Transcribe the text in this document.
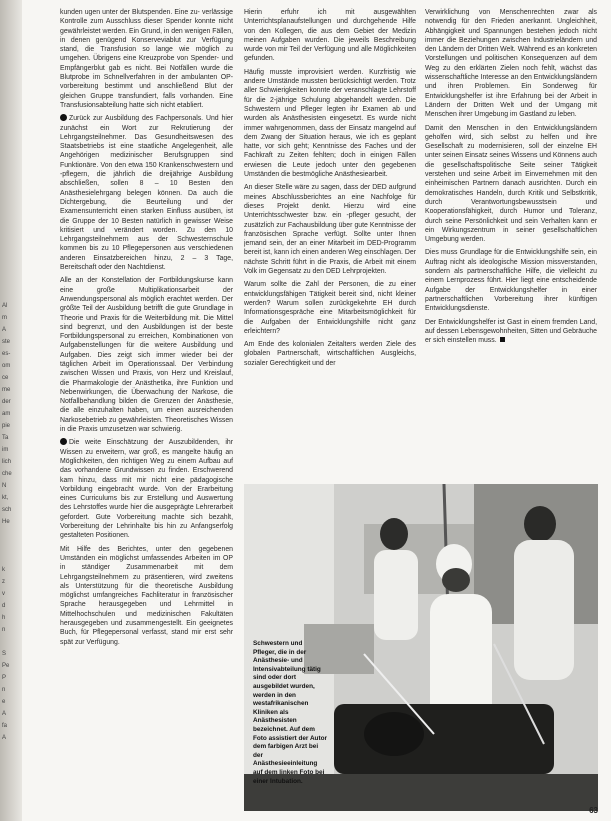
Al
m
A
ste
es-
om
ce
me
der
am
pie
Ta
im
lich
che
N
kt,
sch
He

k
z
v
d
h
n

S
Pe
P
n
e
A
fa
A

kunden ugen unter der Blutspenden. Eine zu- verlässige Kontrolle zum Ausschluss dieser Spender konnte nicht gewährleistet werden. Ein Grund, in den wenigen Fällen, in denen genügend Konserveviablut zur Verfügung stand, die Transfusion so lange wie möglich zu umgehen. Übrigens eine Kreuzprobe von Spender- und Empfängerblut gab es nicht. Bei Notfällen wurde die Blutprobe im Schnellverfahren in der ambulanten OP-vorbereitung bestimmt und anschließend Blut der gleichen Gruppe transfundiert, falls vorhanden. Eine Transfusionsabteilung hatte sich nicht etabliert.

Zurück zur Ausbildung des Fachpersonals. Und hier zunächst ein Wort zur Rekrutierung der Lehrgangsteilnehmer. Das Gesundheitswesen des Staatsbetriebs ist eine staatliche Angelegenheit, alle Angehörigen medizinischer Berufsgruppen sind Funktionäre. Von den etwa 150 Krankenschwestern und -pflegern, die jährlich die dreijährige Ausbildung abschließen, sollen 8 – 10 Besten den Anästhesielehrgang belegen können. Da auch die Dichtergebung, die Beurteilung und der Examensunterricht einen starken Einfluss ausüben, ist die Gruppe der 10 Besten natürlich in gewisser Weise kritisiert und verändert worden. Zu den 10 Lehrgangsteilnehmern aus der Schwesternschule kommen bis zu 10 Pflegepersonen aus verschiedenen anderen Einsatzbereichen hinzu, 2 – 3 Tage, Bereitschaft oder den Nachtdienst.

Alle an der Konstellation der Fortbildungskurse kann eine große Multiplikationsarbeit der Anwendungspersonal als möglich erachtet werden. Der größte Teil der Ausbildung betrifft die gute Grundlage in Theorie und Praxis für die Weiterbildung mit. Die Mittel sind begrenzt, und den Ausbildungen ist der beste Fortbildungspersonal zu erreichen, Kombinationen von Aufgabenstellungen für die weitere Ausbildung und Aufgaben. Dies zeigt sich immer wieder bei der täglichen Arbeit im Operationssaal. Der Verbindung zwischen Wissen und Praxis, von Herz und Kreislauf, die Pharmakologie der Anästhetika, ihre Funktion und Nebenwirkungen, die Überwachung der Narkose, die Notfallbehandlung bilden die Grenzen der Anästhesie, die alle einzuhalten haben, um einen ausreichenden Narkosebetrieb zu gewährleisten. Theoretisches Wissen in die Praxis umzusetzen war schwierig.

Die weite Einschätzung der Auszubildenden, ihr Wissen zu erweitern, war groß, es mangelte häufig an Möglichkeiten, den richtigen Weg zu einem Aufbau auf das vorhandene Grundwissen zu finden. Erschwerend kam hinzu, dass mit mir nicht eine pädagogische Vorbildung eingebracht wurde. Von der Erarbeitung eines Curriculums bis zur Erstellung und Auswertung des Lehrstoffes wurde hier die ausgeprägte Lehrerarbeit gefordert. Gute Vorbereitung machte sich bezahlt, Vorbereitung der Lehrinhalte bis hin zu Anfangserfolg gestalteten Positionen.

Mit Hilfe des Berichtes, unter den gegebenen Umständen ein möglichst umfassendes Arbeiten im OP in ständiger Zusammenarbeit mit dem Lehrgangsteilnehmern zu präsentieren, wird zweitens als Unterstützung für die theoretische Ausbildung möglichst umfangreiches Fachliteratur in französischer Sprache herausgegeben und Lehrmittel in Mittelhochschulen und medizinischen Fakultäten herausgegeben und zusammengestellt. Ein geeignetes Buch, für Pflegepersonal verfasst, stand mir erst sehr spät zur Verfügung.

Hierin erfuhr ich mit ausgewählten Unterrichtsplanaufstellungen und durchgehende Hilfe von den Kollegen, die aus dem Gebiet der Medizin meinen Aufgaben wurden. Die jeweils Beschreibung wurde von mir Teil der Verfügung und alle Möglichkeiten gefunden.

Häufig musste improvisiert werden. Kurzfristig wie andere Umstände mussten berücksichtigt werden. Trotz aller Schwierigkeiten konnte der veranschlagte Lehrstoff für die 2-jährige Schulung abgehandelt werden. Die Schwestern und Pfleger legten ihr Examen ab und wurden als Anästhesisten eingesetzt. Es wurde nicht immer wahrgenommen, dass der Einsatz mangelnd auf dem Zwang der Situation heraus, wie ich es geplant hatte, vor sich geht; Kenntnisse des Faches und der Fachkraft zu Zeiten fehlten; doch in einigen Fällen erwiesen die Leute jedoch unter den gegebenen Umständen die bestmögliche Anästhesiearbeit.

An dieser Stelle wäre zu sagen, dass der DED aufgrund meines Abschlussberichtes an eine Nachfolge für dieses Projekt denkt. Hierzu wird eine Unterrichtsschwester bzw. ein -pfleger gesucht, der zusätzlich zur Fachausbildung über gute Kenntnisse der französischen Sprache verfügt. Sollte unter Ihnen jemand sein, der an einer Mitarbeit im DED-Programm bereit ist, kann ich einen anderen Weg einschlagen. Der nächste Schritt führt in die Praxis, die Arbeit mit einem Volk im Gegensatz zu den DED Lehrprojekten.

Warum sollte die Zahl der Personen, die zu einer entwicklungsfähigen Tätigkeit bereit sind, nicht kleiner werden? Warum sollen zurückgekehrte EH durch Informationsgespräche eine Mitarbeitsmöglichkeit für die Aufgaben der Entwicklungshilfe nicht ganz erleichtern?

Am Ende des kolonialen Zeitalters werden Ziele des globalen Partnerschaft, wirtschaftlichen Ausgleichs, sozialer Gerechtigkeit und der

Verwirklichung von Menschenrechten zwar als notwendig für den Frieden anerkannt. Ungleichheit, Abhängigkeit und Spannungen bestehen jedoch nicht immer die Beziehungen zwischen Industrieländern und den Ländern der Dritten Welt. Während es an konkreten Vorstellungen und politischen Konsequenzen auf dem Weg zu den erklärten Zielen noch fehlt, wächst das wissenschaftliche Interesse an den Entwicklungsländern und ihren Problemen. Ein Sonderweg für Entwicklungshelfer ist ihre Erfahrung bei der Arbeit in Ländern der Dritten Welt und der Umgang mit Menschen ihrer Umgebung im Gastland zu leben.

Damit den Menschen in den Entwicklungsländern geholfen wird, sich selbst zu helfen und ihre Gesellschaft zu modernisieren, soll der einzelne EH unter seinen Einsatz seines Wissens und Könnens auch die gesellschaftspolitische Seite seiner Tätigkeit verstehen und seine Arbeit im Einvernehmen mit den einheimischen Partnern danach ausrichten. Durch ein demokratisches Handeln, durch Kritik und Selbstkritik, durch Verantwortungsbewusstsein und Kooperationsfähigkeit, durch Humor und Toleranz, durch seine Persönlichkeit und sein Verhalten kann er ein Wirkungszentrum in seiner gesellschaftlichen Umgebung werden.

Dies muss Grundlage für die Entwicklungshilfe sein, ein Auftrag nicht als ideologische Mission missverstanden, sondern als partnerschaftliche Hilfe, die vielleicht zu einem Lernprozess führt. Hier liegt eine entscheidende Aufgabe der Entwicklungshelfer in einer partnerschaftlichen Vorbereitung ihrer künftigen Entwicklungsdienste.

Der Entwicklungshelfer ist Gast in einem fremden Land, auf dessen Lebensgewohnheiten, Sitten und Gebräuche er sich einstellen muss.

Schwestern und Pfleger, die in der Anästhesie- und Intensivabteilung tätig sind oder dort ausgebildet wurden, werden in den westafrikanischen Kliniken als Anästhesisten bezeichnet. Auf dem Foto assistiert der Autor dem farbigen Arzt bei der Anästhesieeinleitung auf dem linken Foto bei einer Intubation.
63
